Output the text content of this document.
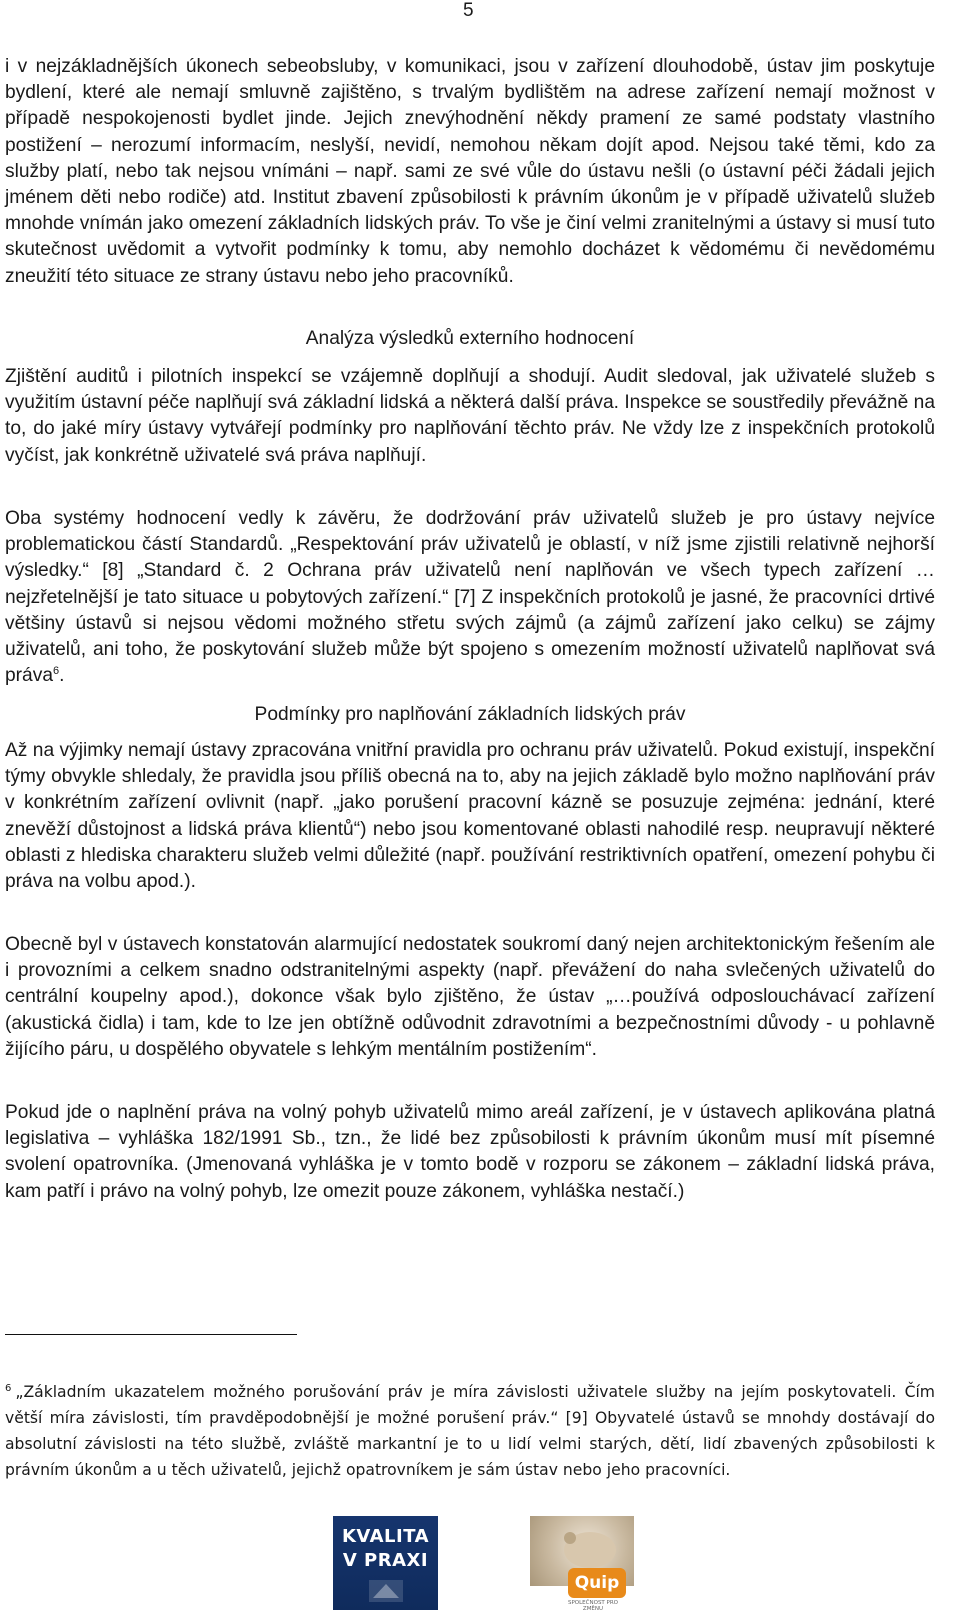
5

i v nejzákladnějších úkonech sebeobsluby, v komunikaci, jsou v zařízení dlouhodobě, ústav jim poskytuje bydlení, které ale nemají smluvně zajištěno, s trvalým bydlištěm na adrese zařízení nemají možnost v případě nespokojenosti bydlet jinde. Jejich znevýhodnění někdy pramení ze samé podstaty vlastního postižení – nerozumí informacím, neslyší, nevidí, nemohou někam dojít apod. Nejsou také těmi, kdo za služby platí, nebo tak nejsou vnímáni – např. sami ze své vůle do ústavu nešli (o ústavní péči žádali jejich jménem děti nebo rodiče) atd. Institut zbavení způsobilosti k právním úkonům je v případě uživatelů služeb mnohde vnímán jako omezení základních lidských práv. To vše je činí velmi zranitelnými a ústavy si musí tuto skutečnost uvědomit a vytvořit podmínky k tomu, aby nemohlo docházet k vědomému či nevědomému zneužití této situace ze strany ústavu nebo jeho pracovníků.

Analýza výsledků externího hodnocení
Zjištění auditů i pilotních inspekcí se vzájemně doplňují a shodují. Audit sledoval, jak uživatelé služeb s využitím ústavní péče naplňují svá základní lidská a některá další práva. Inspekce se soustředily převážně na to, do jaké míry ústavy vytvářejí podmínky pro naplňování těchto práv. Ne vždy lze z inspekčních protokolů vyčíst, jak konkrétně uživatelé svá práva naplňují.
Oba systémy hodnocení vedly k závěru, že dodržování práv uživatelů služeb je pro ústavy nejvíce problematickou částí Standardů. „Respektování práv uživatelů je oblastí, v níž jsme zjistili relativně nejhorší výsledky.“ [8] „Standard č. 2 Ochrana práv uživatelů není naplňován ve všech typech zařízení … nejzřetelnější je tato situace u pobytových zařízení.“ [7] Z inspekčních protokolů je jasné, že pracovníci drtivé většiny ústavů si nejsou vědomi možného střetu svých zájmů (a zájmů zařízení jako celku) se zájmy uživatelů, ani toho, že poskytování služeb může být spojeno s omezením možností uživatelů naplňovat svá práva$^6$.
Podmínky pro naplňování základních lidských práv
Až na výjimky nemají ústavy zpracována vnitřní pravidla pro ochranu práv uživatelů. Pokud existují, inspekční týmy obvykle shledaly, že pravidla jsou příliš obecná na to, aby na jejich základě bylo možno naplňování práv v konkrétním zařízení ovlivnit (např. „jako porušení pracovní kázně se posuzuje zejména: jednání, které znevěží důstojnost a lidská práva klientů“) nebo jsou komentované oblasti nahodilé resp. neupravují některé oblasti z hlediska charakteru služeb velmi důležité (např. používání restriktivních opatření, omezení pohybu či práva na volbu apod.).
Obecně byl v ústavech konstatován alarmující nedostatek soukromí daný nejen architektonickým řešením ale i provozními a celkem snadno odstranitelnými aspekty (např. převážení do naha svlečených uživatelů do centrální koupelny apod.), dokonce však bylo zjištěno, že ústav „…používá odposlouchávací zařízení (akustická čidla) i tam, kde to lze jen obtížně odůvodnit zdravotními a bezpečnostními důvody - u pohlavně žijícího páru, u dospělého obyvatele s lehkým mentálním postižením“.
Pokud jde o naplnění práva na volný pohyb uživatelů mimo areál zařízení, je v ústavech aplikována platná legislativa – vyhláška 182/1991 Sb., tzn., že lidé bez způsobilosti k právním úkonům musí mít písemné svolení opatrovníka. (Jmenovaná vyhláška je v tomto bodě v rozporu se zákonem – základní lidská práva, kam patří i právo na volný pohyb, lze omezit pouze zákonem, vyhláška nestačí.)
$^6$ „Základním ukazatelem možného porušování práv je míra závislosti uživatele služby na jejím poskytovateli. Čím větší míra závislosti, tím pravděpodobnější je možné porušení práv.“ [9] Obyvatelé ústavů se mnohdy dostávají do absolutní závislosti na této službě, zvláště markantní je to u lidí velmi starých, dětí, lidí zbavených způsobilosti k právním úkonům a u těch uživatelů, jejichž opatrovníkem je sám ústav nebo jeho pracovníci.
KVALITA
V PRAXI
Quip
SPOLEČNOST PRO ZMĚNU
